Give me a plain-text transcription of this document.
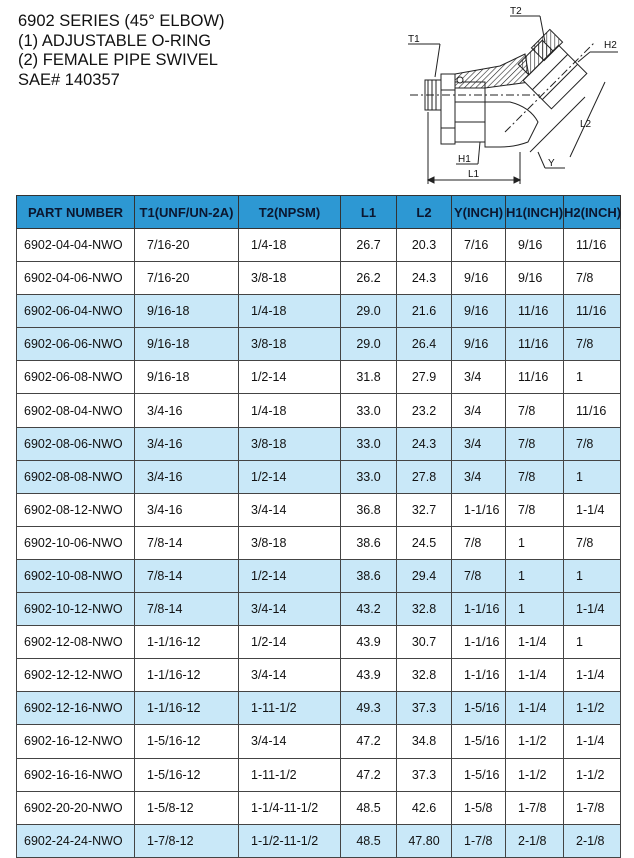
6902 SERIES (45° ELBOW)
(1) ADJUSTABLE O-RING
(2) FEMALE PIPE SWIVEL
SAE# 140357
T1
T2
H2
H1
L1
L2
Y
PART NUMBER	T1(UNF/UN-2A)	T2(NPSM)	L1	L2	Y(INCH)	H1(INCH)	H2(INCH)
6902-04-04-NWO	7/16-20	1/4-18	26.7	20.3	7/16	9/16	11/16
6902-04-06-NWO	7/16-20	3/8-18	26.2	24.3	9/16	9/16	7/8
6902-06-04-NWO	9/16-18	1/4-18	29.0	21.6	9/16	11/16	11/16
6902-06-06-NWO	9/16-18	3/8-18	29.0	26.4	9/16	11/16	7/8
6902-06-08-NWO	9/16-18	1/2-14	31.8	27.9	3/4	11/16	1
6902-08-04-NWO	3/4-16	1/4-18	33.0	23.2	3/4	7/8	11/16
6902-08-06-NWO	3/4-16	3/8-18	33.0	24.3	3/4	7/8	7/8
6902-08-08-NWO	3/4-16	1/2-14	33.0	27.8	3/4	7/8	1
6902-08-12-NWO	3/4-16	3/4-14	36.8	32.7	1-1/16	7/8	1-1/4
6902-10-06-NWO	7/8-14	3/8-18	38.6	24.5	7/8	1	7/8
6902-10-08-NWO	7/8-14	1/2-14	38.6	29.4	7/8	1	1
6902-10-12-NWO	7/8-14	3/4-14	43.2	32.8	1-1/16	1	1-1/4
6902-12-08-NWO	1-1/16-12	1/2-14	43.9	30.7	1-1/16	1-1/4	1
6902-12-12-NWO	1-1/16-12	3/4-14	43.9	32.8	1-1/16	1-1/4	1-1/4
6902-12-16-NWO	1-1/16-12	1-11-1/2	49.3	37.3	1-5/16	1-1/4	1-1/2
6902-16-12-NWO	1-5/16-12	3/4-14	47.2	34.8	1-5/16	1-1/2	1-1/4
6902-16-16-NWO	1-5/16-12	1-11-1/2	47.2	37.3	1-5/16	1-1/2	1-1/2
6902-20-20-NWO	1-5/8-12	1-1/4-11-1/2	48.5	42.6	1-5/8	1-7/8	1-7/8
6902-24-24-NWO	1-7/8-12	1-1/2-11-1/2	48.5	47.80	1-7/8	2-1/8	2-1/8
